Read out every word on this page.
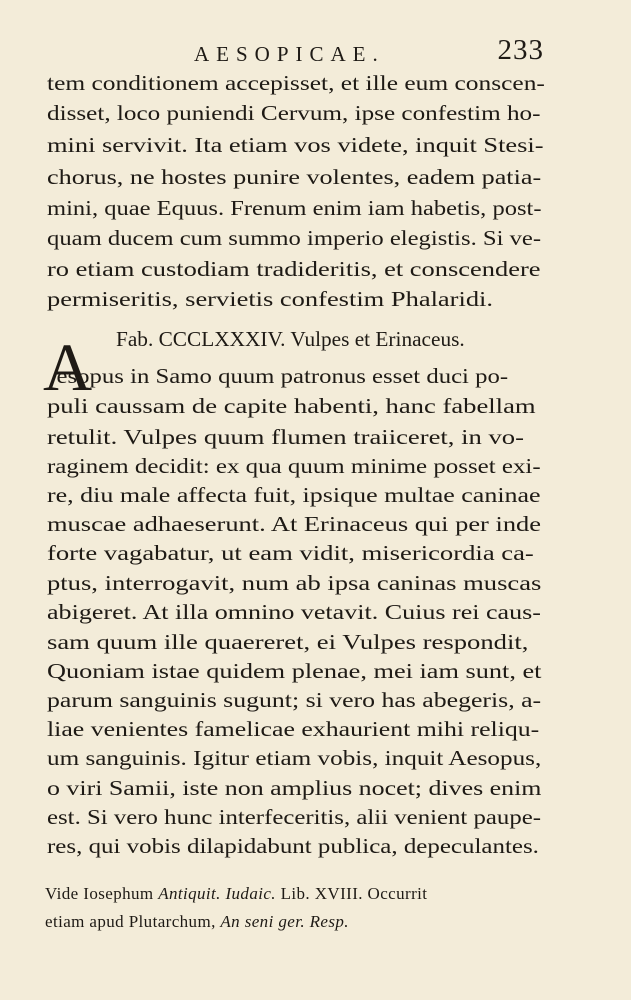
AESOPICAE.	233
tem conditionem accepisset, et ille eum conscen-
disset, loco puniendi Cervum, ipse confestim ho-
mini servivit. Ita etiam vos videte, inquit Stesi-
chorus, ne hostes punire volentes, eadem patia-
mini, quae Equus. Frenum enim iam habetis, post-
quam ducem cum summo imperio elegistis. Si ve-
ro etiam custodiam tradideritis, et conscendere
permiseritis, servietis confestim Phalaridi.
Fab. CCCLXXXIV. Vulpes et Erinaceus.
A
esopus in Samo quum patronus esset duci po-
puli caussam de capite habenti, hanc fabellam
retulit. Vulpes quum flumen traiiceret, in vo-
raginem decidit: ex qua quum minime posset exi-
re, diu male affecta fuit, ipsique multae caninae
muscae adhaeserunt. At Erinaceus qui per inde
forte vagabatur, ut eam vidit, misericordia ca-
ptus, interrogavit, num ab ipsa caninas muscas
abigeret. At illa omnino vetavit. Cuius rei caus-
sam quum ille quaereret, ei Vulpes respondit,
Quoniam istae quidem plenae, mei iam sunt, et
parum sanguinis sugunt; si vero has abegeris, a-
liae venientes famelicae exhaurient mihi reliqu-
um sanguinis. Igitur etiam vobis, inquit Aesopus,
o viri Samii, iste non amplius nocet; dives enim
est. Si vero hunc interfeceritis, alii venient paupe-
res, qui vobis dilapidabunt publica, depeculantes.
Vide Iosephum Antiquit. Iudaic. Lib. XVIII. Occurrit
etiam apud Plutarchum, An seni ger. Resp.
